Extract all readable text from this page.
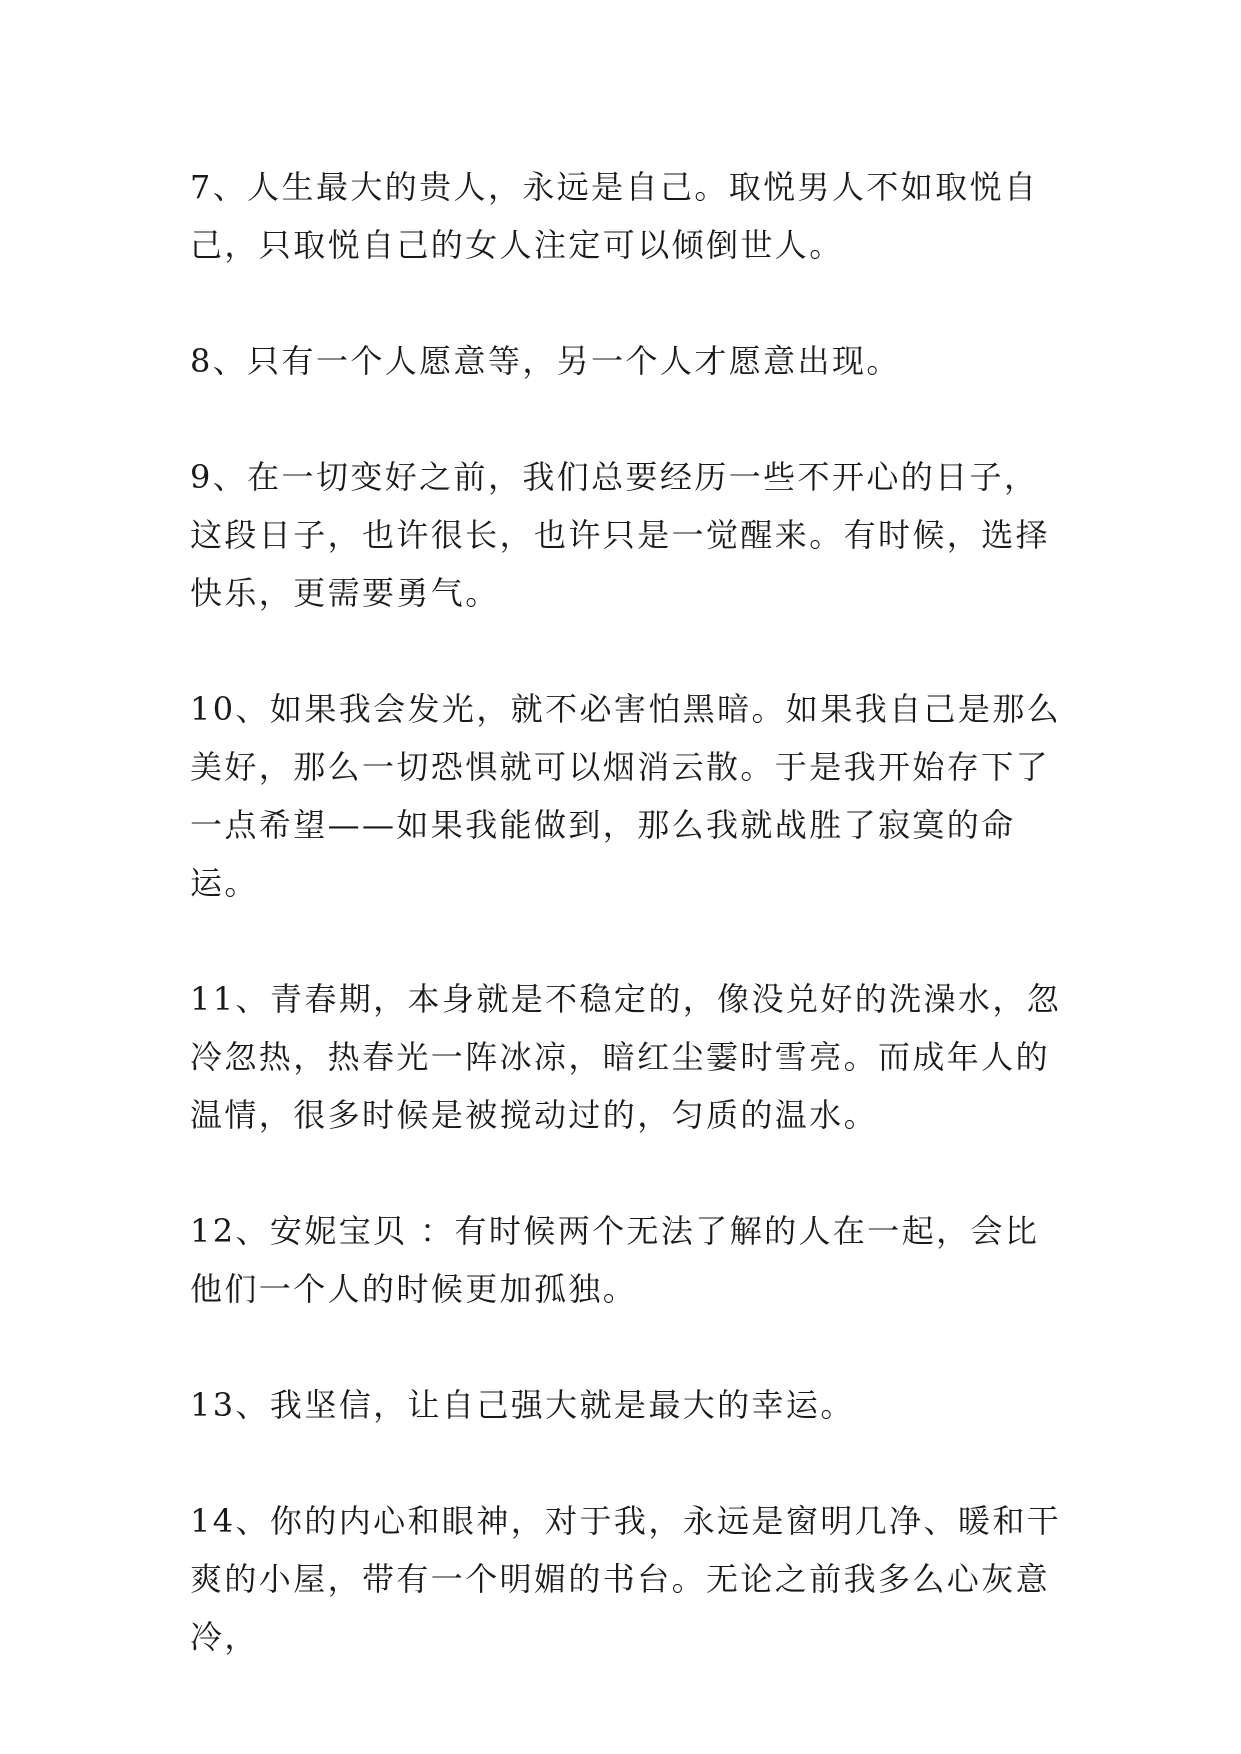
7、人生最大的贵人，永远是自己。取悦男人不如取悦自己，只取悦自己的女人注定可以倾倒世人。

8、只有一个人愿意等，另一个人才愿意出现。

9、在一切变好之前，我们总要经历一些不开心的日子，这段日子，也许很长，也许只是一觉醒来。有时候，选择快乐，更需要勇气。

10、如果我会发光，就不必害怕黑暗。如果我自己是那么美好，那么一切恐惧就可以烟消云散。于是我开始存下了一点希望——如果我能做到，那么我就战胜了寂寞的命运。

11、青春期，本身就是不稳定的，像没兑好的洗澡水，忽冷忽热，热春光一阵冰凉，暗红尘霎时雪亮。而成年人的温情，很多时候是被搅动过的，匀质的温水。

12、安妮宝贝 ：有时候两个无法了解的人在一起，会比他们一个人的时候更加孤独。

13、我坚信，让自己强大就是最大的幸运。

14、你的内心和眼神，对于我，永远是窗明几净、暖和干爽的小屋，带有一个明媚的书台。无论之前我多么心灰意冷，
